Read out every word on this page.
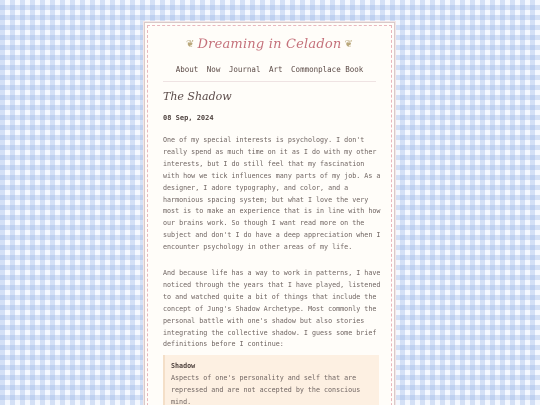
❦ Dreaming in Celadon ❦
About Now Journal Art Commonplace Book
The Shadow
08 Sep, 2024
One of my special interests is psychology. I don't really spend as much time on it as I do with my other interests, but I do still feel that my fascination with how we tick influences many parts of my job. As a designer, I adore typography, and color, and a harmonious spacing system; but what I love the very most is to make an experience that is in line with how our brains work. So though I want read more on the subject and don't I do have a deep appreciation when I encounter psychology in other areas of my life.
And because life has a way to work in patterns, I have noticed through the years that I have played, listened to and watched quite a bit of things that include the concept of Jung's Shadow Archetype. Most commonly the personal battle with one's shadow but also stories integrating the collective shadow. I guess some brief definitions before I continue:
Shadow
Aspects of one's personality and self that are repressed and are not accepted by the conscious mind.
